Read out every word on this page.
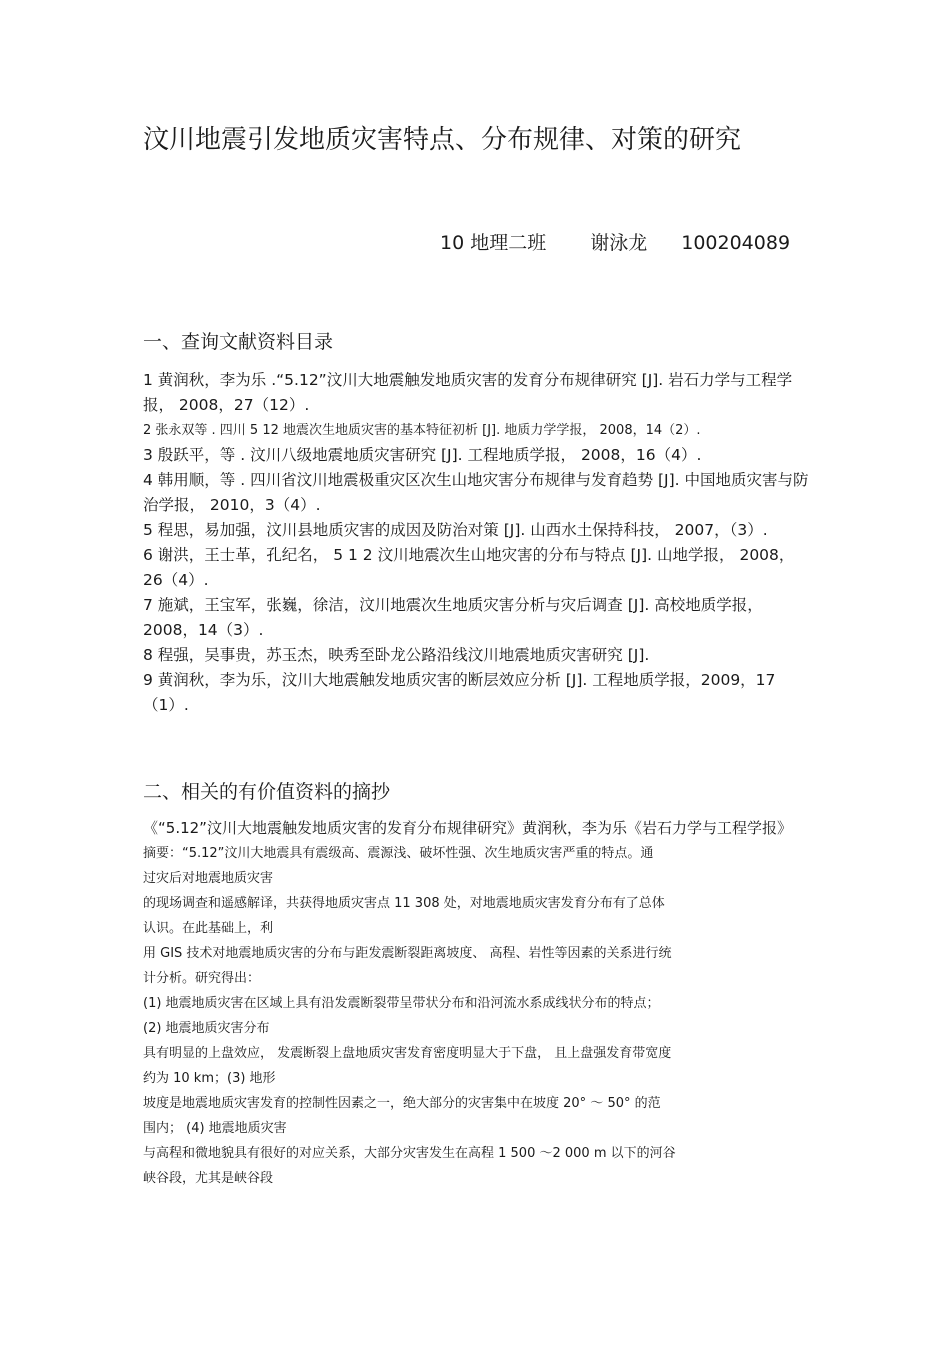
汶川地震引发地质灾害特点、分布规律、对策的研究
10 地理二班 谢泳龙 100204089
一、查询文献资料目录

1 黄润秋，李为乐 .“5.12”汶川大地震触发地质灾害的发育分布规律研究 [J]. 岩石力学与工程学报， 2008，27（12）.

2 张永双等 . 四川 5 12 地震次生地质灾害的基本特征初析 [J]. 地质力学学报， 2008，14（2）.

3 殷跃平，等 . 汶川八级地震地质灾害研究 [J]. 工程地质学报， 2008，16（4）.

4 韩用顺，等 . 四川省汶川地震极重灾区次生山地灾害分布规律与发育趋势 [J]. 中国地质灾害与防治学报， 2010，3（4）.

5 程思，易加强，汶川县地质灾害的成因及防治对策 [J]. 山西水土保持科技， 2007，（3）.

6 谢洪，王士革，孔纪名， 5 1 2 汶川地震次生山地灾害的分布与特点 [J]. 山地学报， 2008，26（4）.

7 施斌，王宝军，张巍，徐洁，汶川地震次生地质灾害分析与灾后调查 [J]. 高校地质学报， 2008，14（3）.

8 程强，吴事贵，苏玉杰，映秀至卧龙公路沿线汶川地震地质灾害研究 [J].

9 黄润秋，李为乐，汶川大地震触发地质灾害的断层效应分析 [J]. 工程地质学报，2009，17（1）.

二、相关的有价值资料的摘抄

《“5.12”汶川大地震触发地质灾害的发育分布规律研究》黄润秋，李为乐《岩石力学与工程学报》

摘要：“5.12”汶川大地震具有震级高、震源浅、破坏性强、次生地质灾害严重的特点。通

过灾后对地震地质灾害

的现场调查和遥感解译，共获得地质灾害点 11 308 处，对地震地质灾害发育分布有了总体

认识。在此基础上，利

用 GIS 技术对地震地质灾害的分布与距发震断裂距离坡度、 高程、岩性等因素的关系进行统

计分析。研究得出：

(1) 地震地质灾害在区域上具有沿发震断裂带呈带状分布和沿河流水系成线状分布的特点；

(2) 地震地质灾害分布

具有明显的上盘效应， 发震断裂上盘地质灾害发育密度明显大于下盘， 且上盘强发育带宽度

约为 10 km；(3) 地形

坡度是地震地质灾害发育的控制性因素之一，绝大部分的灾害集中在坡度 20° ～ 50° 的范

围内； (4) 地震地质灾害

与高程和微地貌具有很好的对应关系，大部分灾害发生在高程 1 500 ～2 000 m 以下的河谷

峡谷段，尤其是峡谷段
